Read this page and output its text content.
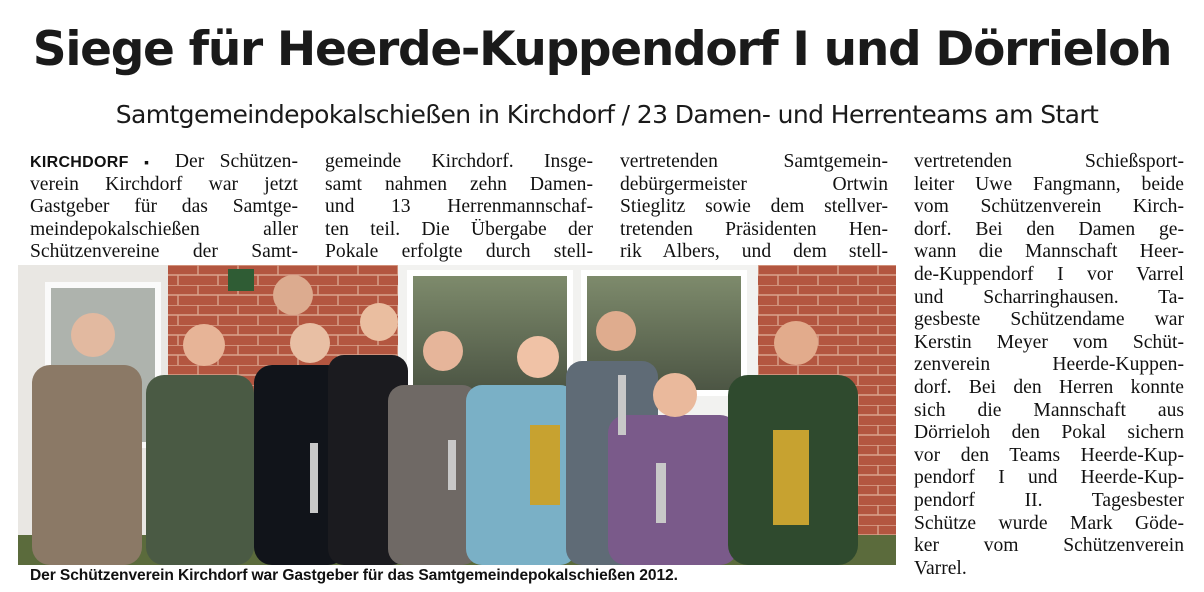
Siege für Heerde-Kuppendorf I und Dörrieloh
Samtgemeindepokalschießen in Kirchdorf / 23 Damen- und Herrenteams am Start
KIRCHDORF ▪ Der Schützen-
verein Kirchdorf war jetzt
Gastgeber für das Samtge-
meindepokalschießen aller
Schützenvereine der Samt-
gemeinde Kirchdorf. Insge-
samt nahmen zehn Damen-
und 13 Herrenmannschaf-
ten teil. Die Übergabe der
Pokale erfolgte durch stell-
vertretenden Samtgemein-
debürgermeister Ortwin
Stieglitz sowie dem stellver-
tretenden Präsidenten Hen-
rik Albers, und dem stell-
vertretenden Schießsport-
leiter Uwe Fangmann, beide
vom Schützenverein Kirch-
dorf. Bei den Damen ge-
wann die Mannschaft Heer-
de-Kuppendorf I vor Varrel
und Scharringhausen. Ta-
gesbeste Schützendame war
Kerstin Meyer vom Schüt-
zenverein Heerde-Kuppen-
dorf. Bei den Herren konnte
sich die Mannschaft aus
Dörrieloh den Pokal sichern
vor den Teams Heerde-Kup-
pendorf I und Heerde-Kup-
pendorf II. Tagesbester
Schütze wurde Mark Göde-
ker vom Schützenverein
Varrel.
Der Schützenverein Kirchdorf war Gastgeber für das Samtgemeindepokalschießen 2012.
